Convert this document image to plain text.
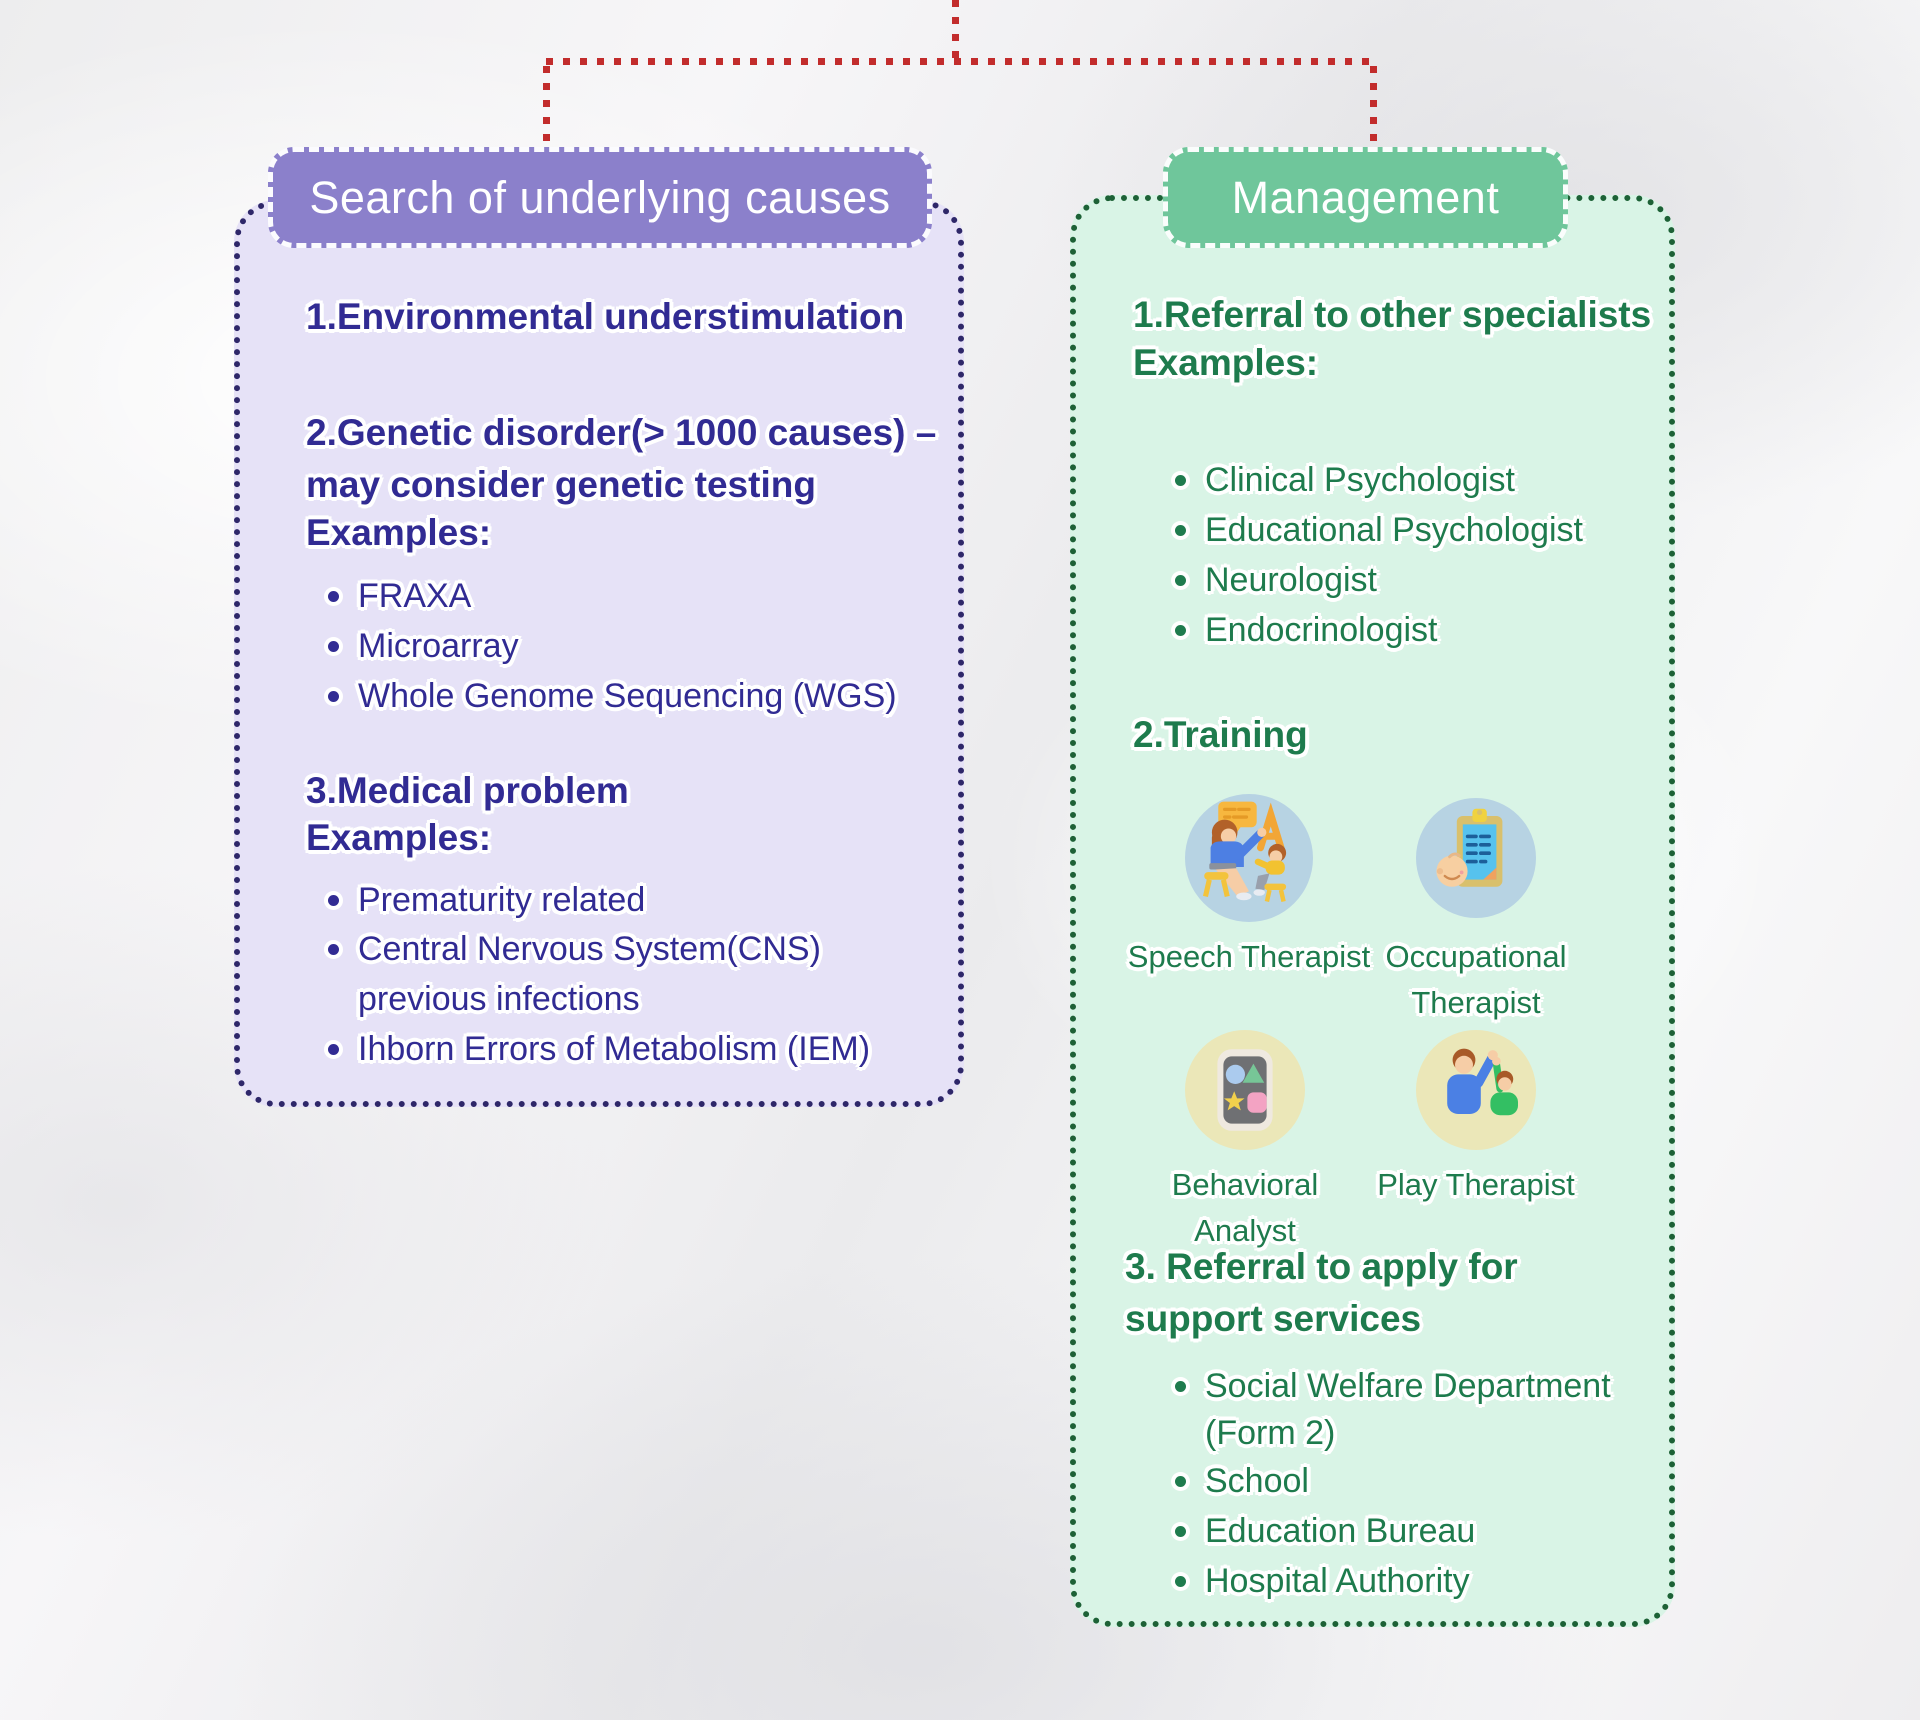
Search of underlying causes
1.Environmental understimulation
2.Genetic disorder(> 1000 causes) –
may consider genetic testing
Examples:
FRAXA
Microarray
Whole Genome Sequencing (WGS)
3.Medical problem
Examples:
Prematurity related
Central Nervous System(CNS)
previous infections
Ihborn Errors of Metabolism (IEM)
Management
1.Referral to other specialists
Examples:
Clinical Psychologist
Educational Psychologist
Neurologist
Endocrinologist
2.Training
Speech Therapist Occupational
Therapist
Behavioral
Analyst
Play Therapist
3. Referral to apply for
support services
Social Welfare Department
(Form 2)
School
Education Bureau
Hospital Authority
